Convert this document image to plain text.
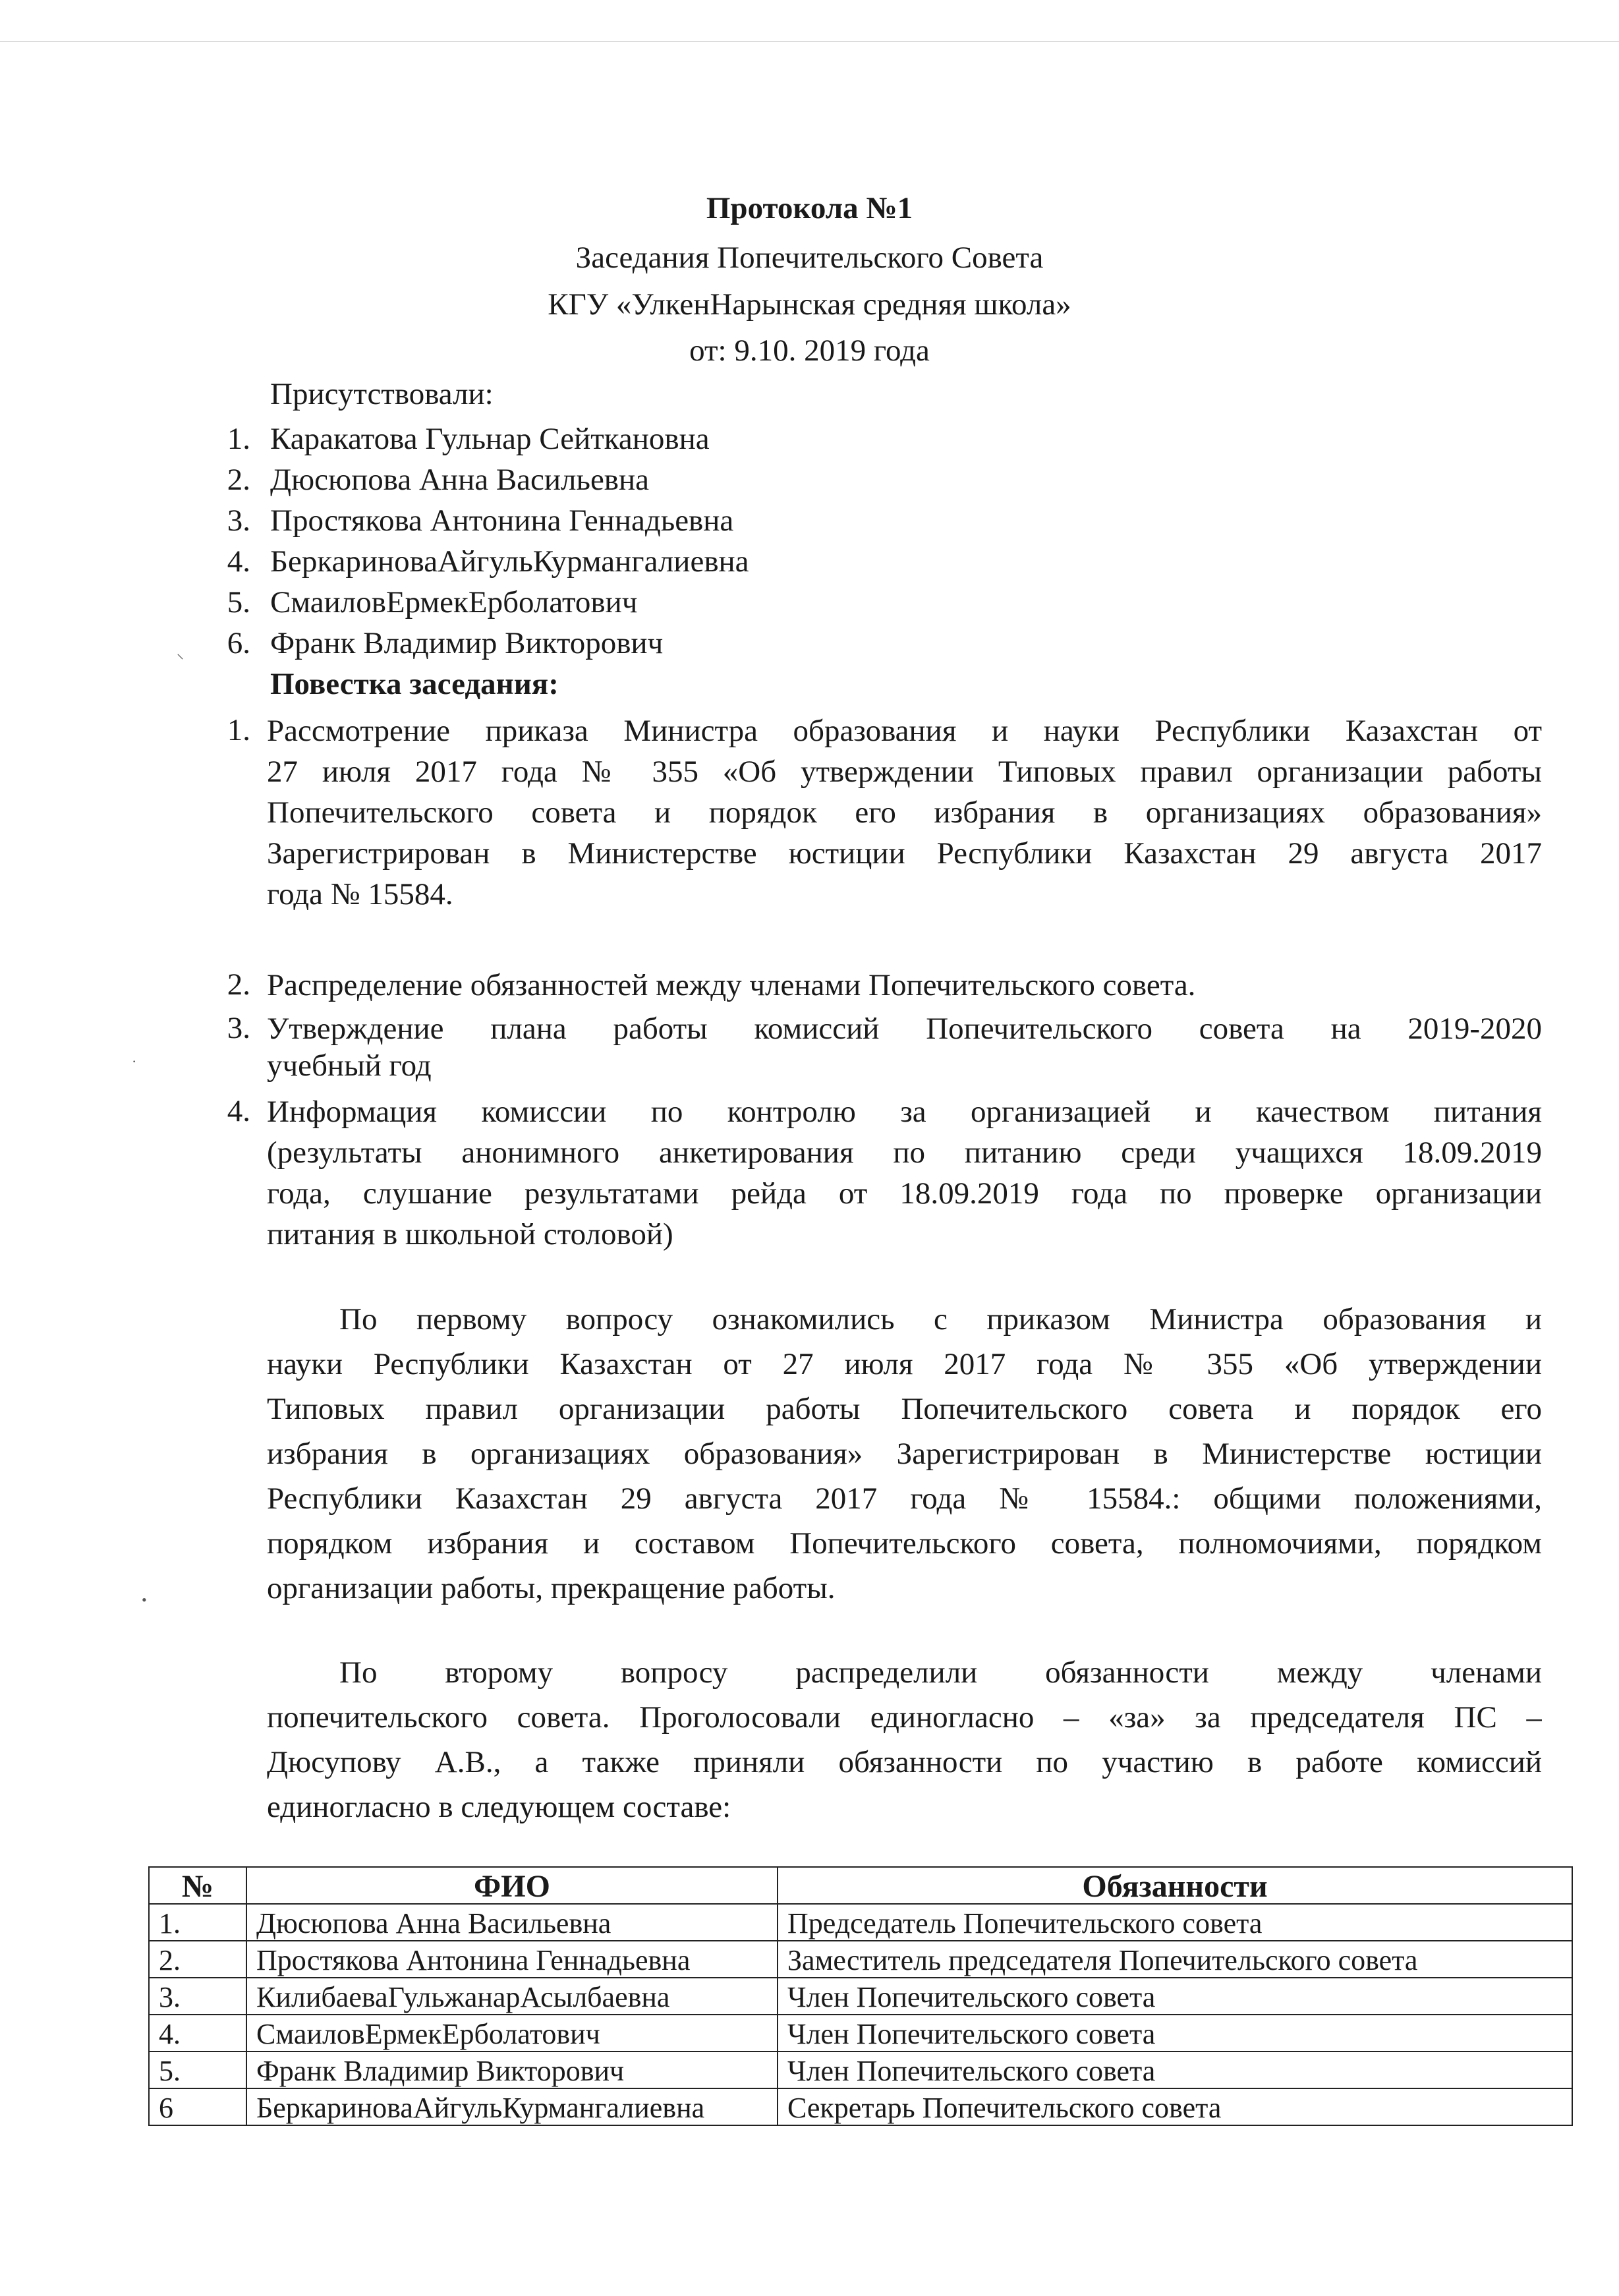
⸌
·
•
Протокола №1
Заседания Попечительского Совета
КГУ «УлкенНарынская средняя школа»
от: 9.10. 2019 года
Присутствовали:
1. Каракатова Гульнар Сейткановна
2. Дюсюпова Анна Васильевна
3. Простякова Антонина Геннадьевна
4. БеркариноваАйгульКурмангалиевна
5. СмаиловЕрмекЕрболатович
6. Франк Владимир Викторович
Повестка заседания:
1. Рассмотрение приказа Министра образования и науки Республики Казахстан от
27 июля 2017 года № 355 «Об утверждении Типовых правил организации работы
Попечительского совета и порядок его избрания в организациях образования»
Зарегистрирован в Министерстве юстиции Республики Казахстан 29 августа 2017
года № 15584.
2. Распределение обязанностей между членами Попечительского совета.
3. Утверждение плана работы комиссий Попечительского совета на 2019-2020
учебный год
4. Информация комиссии по контролю за организацией и качеством питания
(результаты анонимного анкетирования по питанию среди учащихся 18.09.2019
года, слушание результатами рейда от 18.09.2019 года по проверке организации
питания в школьной столовой)
По первому вопросу ознакомились с приказом Министра образования и
науки Республики Казахстан от 27 июля 2017 года № 355 «Об утверждении
Типовых правил организации работы Попечительского совета и порядок его
избрания в организациях образования» Зарегистрирован в Министерстве юстиции
Республики Казахстан 29 августа 2017 года № 15584.: общими положениями,
порядком избрания и составом Попечительского совета, полномочиями, порядком
организации работы, прекращение работы.
По второму вопросу распределили обязанности между членами
попечительского совета. Проголосовали единогласно – «за» за председателя ПС –
Дюсупову А.В., а также приняли обязанности по участию в работе комиссий
единогласно в следующем составе:
№	ФИО	Обязанности
1.	Дюсюпова Анна Васильевна	Председатель Попечительского совета
2.	Простякова Антонина Геннадьевна	Заместитель председателя Попечительского совета
3.	КилибаеваГульжанарАсылбаевна	Член Попечительского совета
4.	СмаиловЕрмекЕрболатович	Член Попечительского совета
5.	Франк Владимир Викторович	Член Попечительского совета
6	БеркариноваАйгульКурмангалиевна	Секретарь Попечительского совета
